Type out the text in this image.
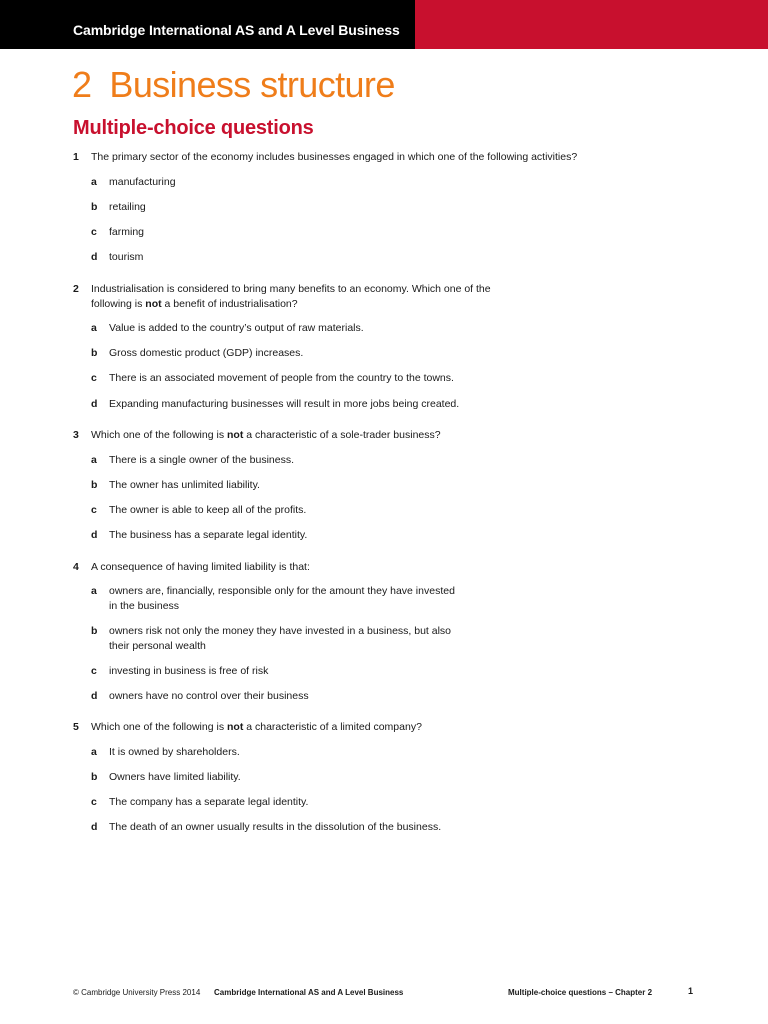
Cambridge International AS and A Level Business
2 Business structure
Multiple-choice questions
1 The primary sector of the economy includes businesses engaged in which one of the following activities?
a manufacturing
b retailing
c farming
d tourism
2 Industrialisation is considered to bring many benefits to an economy. Which one of the
following is not a benefit of industrialisation?
a Value is added to the country’s output of raw materials.
b Gross domestic product (GDP) increases.
c There is an associated movement of people from the country to the towns.
d Expanding manufacturing businesses will result in more jobs being created.
3 Which one of the following is not a characteristic of a sole-trader business?
a There is a single owner of the business.
b The owner has unlimited liability.
c The owner is able to keep all of the profits.
d The business has a separate legal identity.
4 A consequence of having limited liability is that:
a owners are, financially, responsible only for the amount they have invested
in the business
b owners risk not only the money they have invested in a business, but also
their personal wealth
c investing in business is free of risk
d owners have no control over their business
5 Which one of the following is not a characteristic of a limited company?
a It is owned by shareholders.
b Owners have limited liability.
c The company has a separate legal identity.
d The death of an owner usually results in the dissolution of the business.
© Cambridge University Press 2014 Cambridge International AS and A Level Business	Multiple-choice questions – Chapter 2	1
